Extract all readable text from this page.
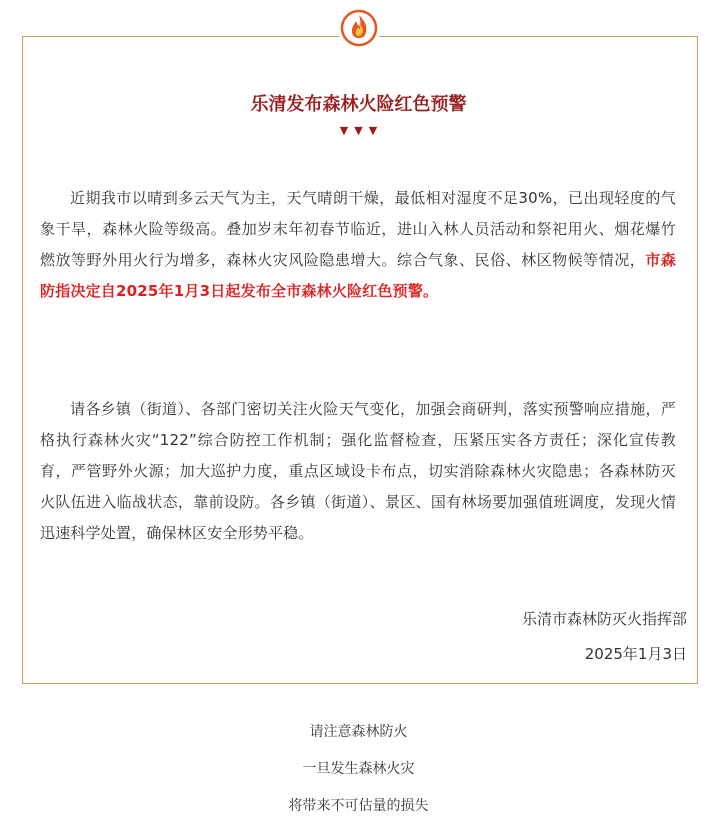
乐清发布森林火险红色预警
▼▼▼

近期我市以晴到多云天气为主，天气晴朗干燥，最低相对湿度不足30%，已出现轻度的气象干旱，森林火险等级高。叠加岁末年初春节临近，进山入林人员活动和祭祀用火、烟花爆竹燃放等野外用火行为增多，森林火灾风险隐患增大。综合气象、民俗、林区物候等情况，市森防指决定自2025年1月3日起发布全市森林火险红色预警。

请各乡镇（街道）、各部门密切关注火险天气变化，加强会商研判，落实预警响应措施，严格执行森林火灾“122”综合防控工作机制；强化监督检查，压紧压实各方责任；深化宣传教育，严管野外火源；加大巡护力度，重点区域设卡布点，切实消除森林火灾隐患；各森林防灭火队伍进入临战状态，靠前设防。各乡镇（街道）、景区、国有林场要加强值班调度，发现火情迅速科学处置，确保林区安全形势平稳。

乐清市森林防灭火指挥部
2025年1月3日
请注意森林防火
一旦发生森林火灾
将带来不可估量的损失
